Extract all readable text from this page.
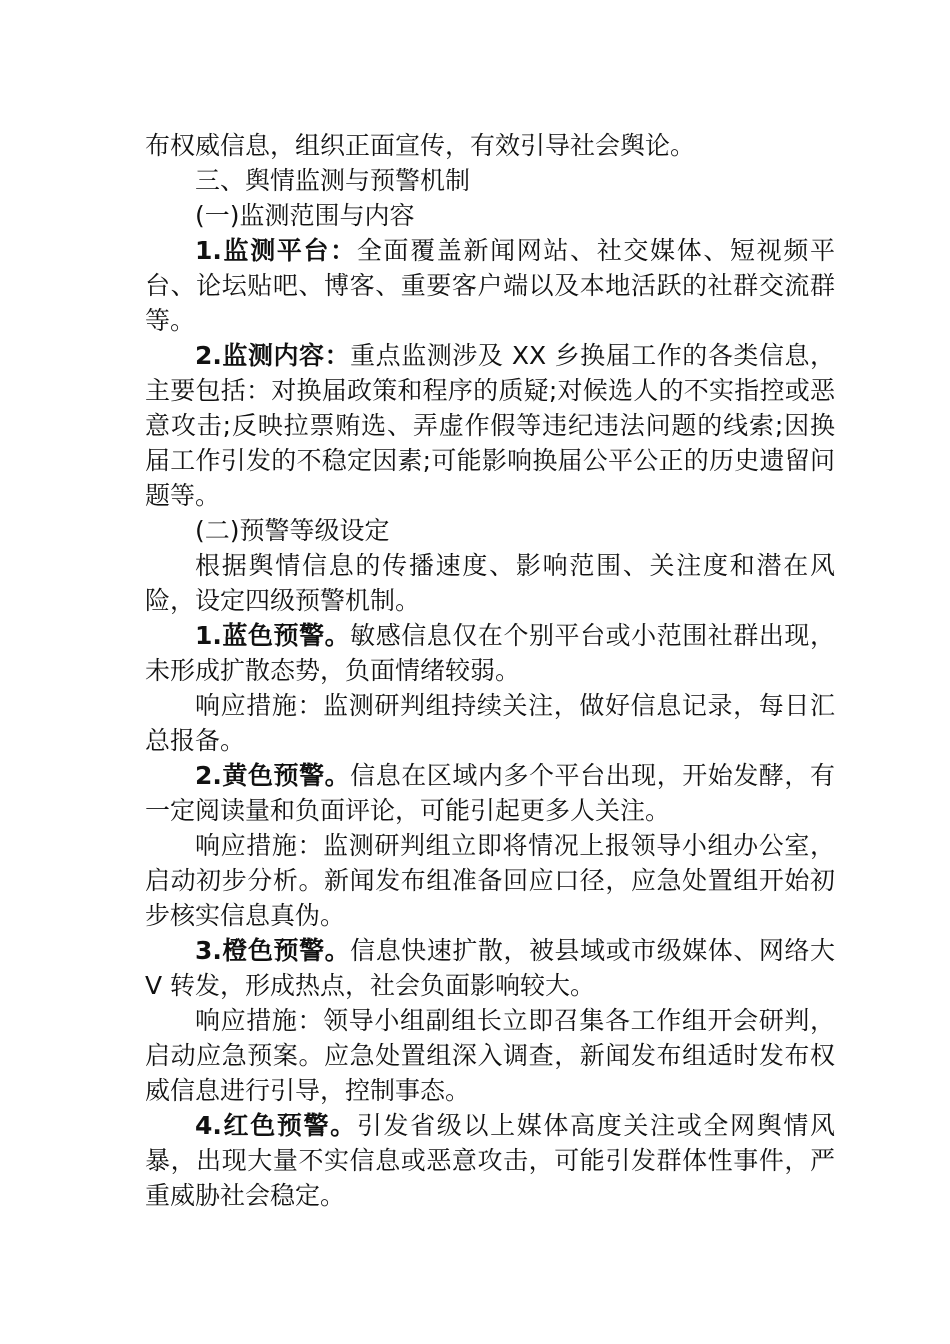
布权威信息，组织正面宣传，有效引导社会舆论。

三、舆情监测与预警机制

(一)监测范围与内容

1.监测平台：全面覆盖新闻网站、社交媒体、短视频平台、论坛贴吧、博客、重要客户端以及本地活跃的社群交流群等。

2.监测内容：重点监测涉及 XX 乡换届工作的各类信息，主要包括：对换届政策和程序的质疑;对候选人的不实指控或恶意攻击;反映拉票贿选、弄虚作假等违纪违法问题的线索;因换届工作引发的不稳定因素;可能影响换届公平公正的历史遗留问题等。

(二)预警等级设定

根据舆情信息的传播速度、影响范围、关注度和潜在风险，设定四级预警机制。

1.蓝色预警。敏感信息仅在个别平台或小范围社群出现，未形成扩散态势，负面情绪较弱。

响应措施：监测研判组持续关注，做好信息记录，每日汇总报备。

2.黄色预警。信息在区域内多个平台出现，开始发酵，有一定阅读量和负面评论，可能引起更多人关注。

响应措施：监测研判组立即将情况上报领导小组办公室，启动初步分析。新闻发布组准备回应口径，应急处置组开始初步核实信息真伪。

3.橙色预警。信息快速扩散，被县域或市级媒体、网络大 V 转发，形成热点，社会负面影响较大。

响应措施：领导小组副组长立即召集各工作组开会研判，启动应急预案。应急处置组深入调查，新闻发布组适时发布权威信息进行引导，控制事态。

4.红色预警。引发省级以上媒体高度关注或全网舆情风暴，出现大量不实信息或恶意攻击，可能引发群体性事件，严重威胁社会稳定。
